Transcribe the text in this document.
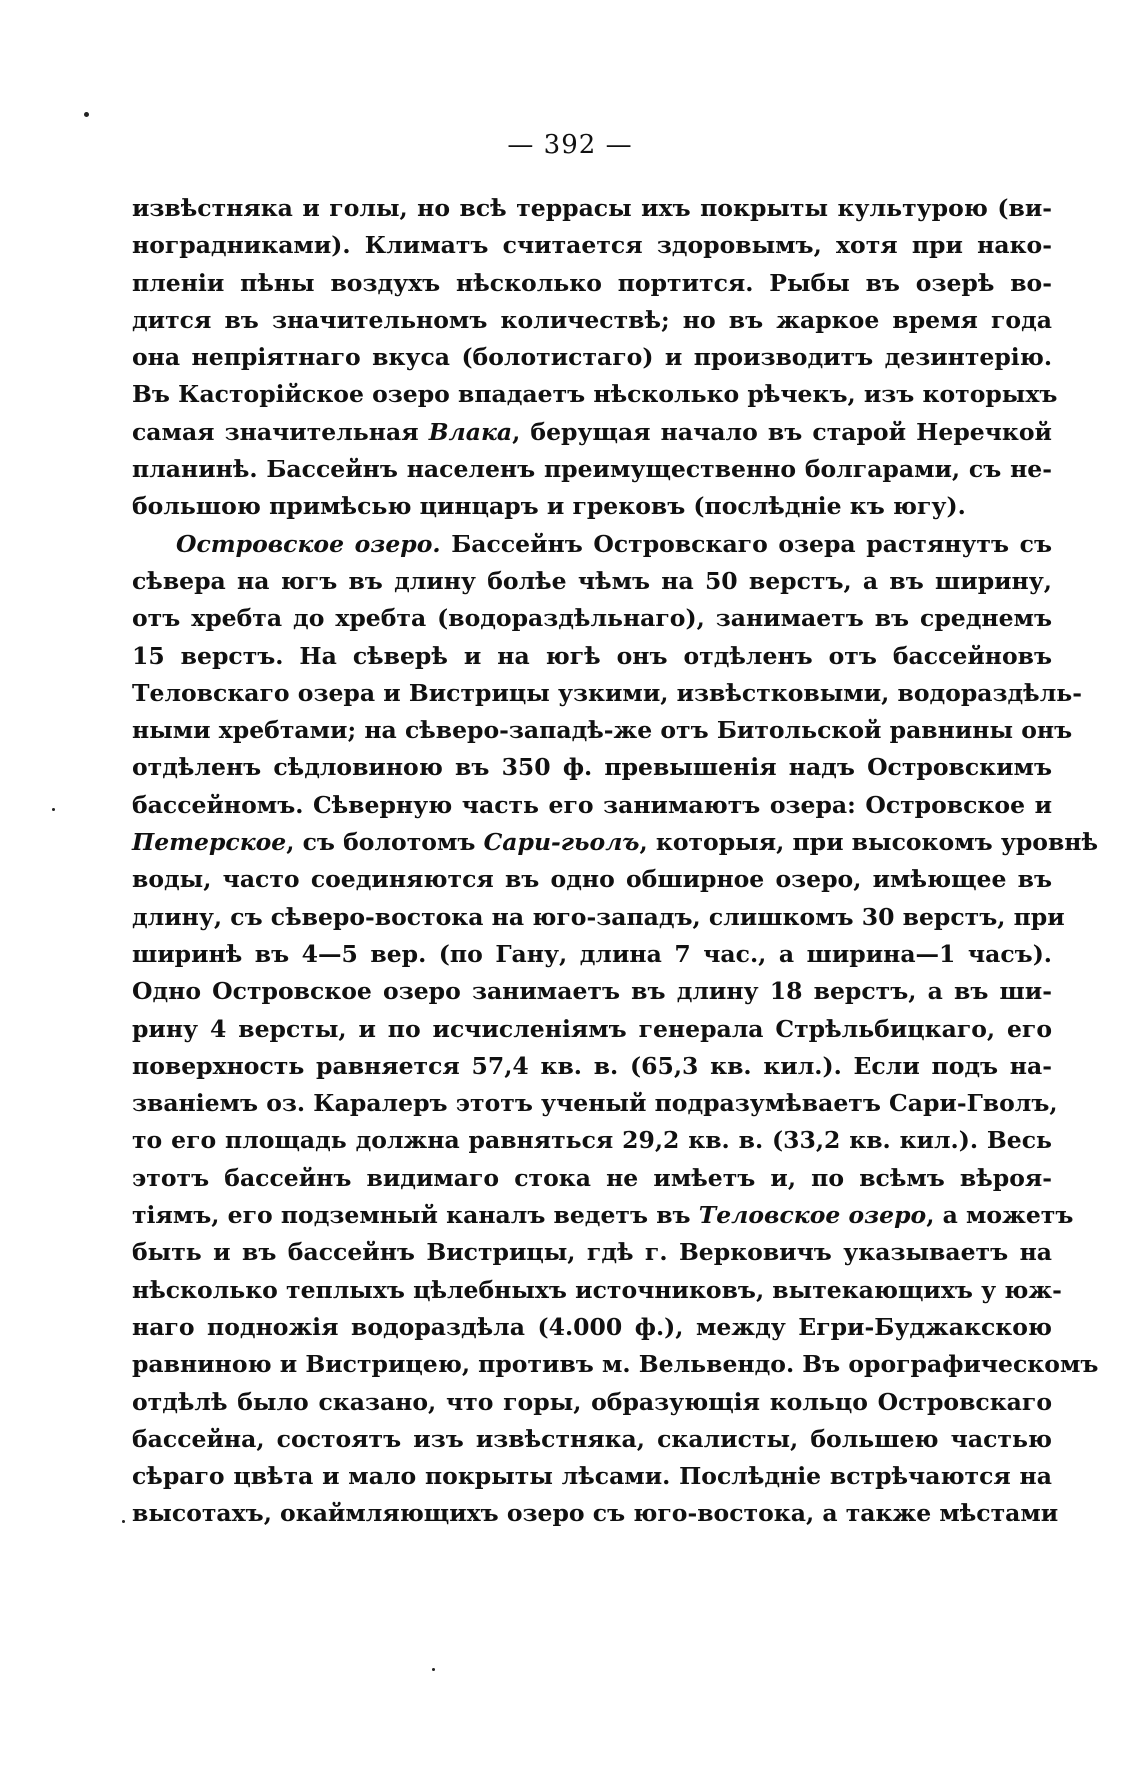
— 392 —
извѣстняка и голы, но всѣ террасы ихъ покрыты культурою (ви-
ноградниками). Климатъ считается здоровымъ, хотя при нако-
пленіи пѣны воздухъ нѣсколько портится. Рыбы въ озерѣ во-
дится въ значительномъ количествѣ; но въ жаркое время года
она непріятнаго вкуса (болотистаго) и производитъ дезинтерію.
Въ Касторійское озеро впадаетъ нѣсколько рѣчекъ, изъ которыхъ
самая значительная Влака, берущая начало въ старой Неречкой
планинѣ. Бассейнъ населенъ преимущественно болгарами, съ не-
большою примѣсью цинцаръ и грековъ (послѣдніе къ югу).
Островское озеро. Бассейнъ Островскаго озера растянутъ съ
сѣвера на югъ въ длину болѣе чѣмъ на 50 верстъ, а въ ширину,
отъ хребта до хребта (водораздѣльнаго), занимаетъ въ среднемъ
15 верстъ. На сѣверѣ и на югѣ онъ отдѣленъ отъ бассейновъ
Теловскаго озера и Вистрицы узкими, извѣстковыми, водораздѣль-
ными хребтами; на сѣверо-западѣ-же отъ Битольской равнины онъ
отдѣленъ сѣдловиною въ 350 ф. превышенія надъ Островскимъ
бассейномъ. Сѣверную часть его занимаютъ озера: Островское и
Петерское, съ болотомъ Сари-гьолъ, которыя, при высокомъ уровнѣ
воды, часто соединяются въ одно обширное озеро, имѣющее въ
длину, съ сѣверо-востока на юго-западъ, слишкомъ 30 верстъ, при
ширинѣ въ 4—5 вер. (по Гану, длина 7 час., а ширина—1 часъ).
Одно Островское озеро занимаетъ въ длину 18 верстъ, а въ ши-
рину 4 версты, и по исчисленіямъ генерала Стрѣльбицкаго, его
поверхность равняется 57,4 кв. в. (65,3 кв. кил.). Если подъ на-
званіемъ оз. Каралеръ этотъ ученый подразумѣваетъ Сари-Гволъ,
то его площадь должна равняться 29,2 кв. в. (33,2 кв. кил.). Весь
этотъ бассейнъ видимаго стока не имѣетъ и, по всѣмъ вѣроя-
тіямъ, его подземный каналъ ведетъ въ Теловское озеро, а можетъ
быть и въ бассейнъ Вистрицы, гдѣ г. Верковичъ указываетъ на
нѣсколько теплыхъ цѣлебныхъ источниковъ, вытекающихъ у юж-
наго подножія водораздѣла (4.000 ф.), между Егри-Буджакскою
равниною и Вистрицею, противъ м. Вельвендо. Въ орографическомъ
отдѣлѣ было сказано, что горы, образующія кольцо Островскаго
бассейна, состоятъ изъ извѣстняка, скалисты, большею частью
сѣраго цвѣта и мало покрыты лѣсами. Послѣдніе встрѣчаются на
высотахъ, окаймляющихъ озеро съ юго-востока, а также мѣстами
